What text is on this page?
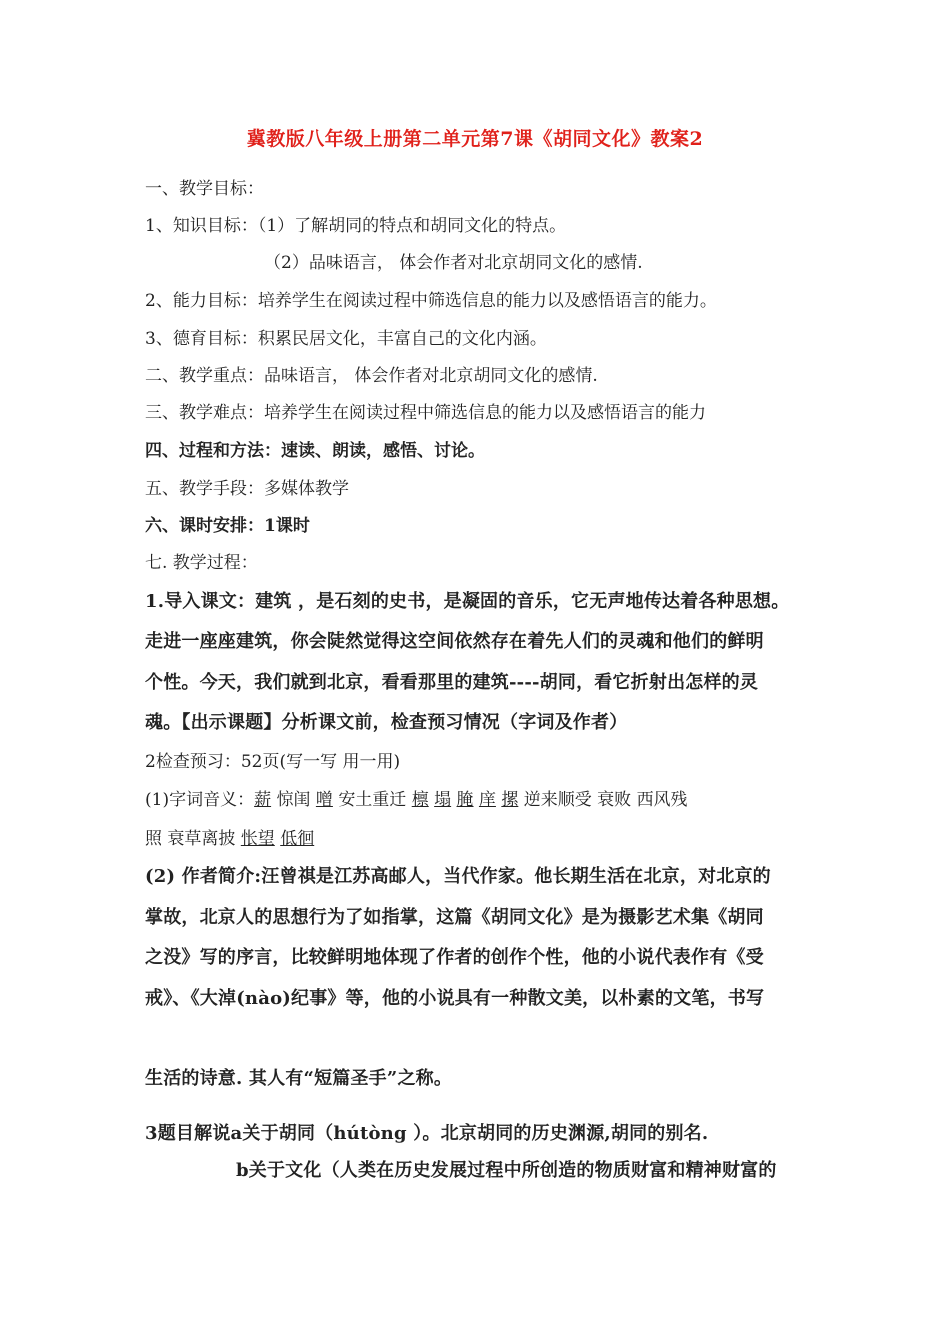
冀教版八年级上册第二单元第7课《胡同文化》教案2
一、教学目标：
1、知识目标：（1）了解胡同的特点和胡同文化的特点。
（2）品味语言， 体会作者对北京胡同文化的感情.
2、能力目标：培养学生在阅读过程中筛选信息的能力以及感悟语言的能力。
3、德育目标：积累民居文化，丰富自己的文化内涵。
二、教学重点：品味语言， 体会作者对北京胡同文化的感情.
三、教学难点：培养学生在阅读过程中筛选信息的能力以及感悟语言的能力
四、过程和方法：速读、朗读，感悟、讨论。
五、教学手段：多媒体教学
六、课时安排：1课时
七. 教学过程：
1.导入课文：建筑 ，是石刻的史书，是凝固的音乐，它无声地传达着各种思想。
走进一座座建筑，你会陡然觉得这空间依然存在着先人们的灵魂和他们的鲜明
个性。今天，我们就到北京，看看那里的建筑----胡同，看它折射出怎样的灵
魂。【出示课题】分析课文前，检查预习情况（字词及作者）
2检查预习：52页(写一写 用一用)
(1)字词音义：薪 惊闺 噌 安土重迁 檩 塌 腌 庠 摞 逆来顺受 衰败 西风残
照 衰草离披 怅望 低徊
(2) 作者简介:汪曾祺是江苏高邮人，当代作家。他长期生活在北京，对北京的
掌故，北京人的思想行为了如指掌，这篇《胡同文化》是为摄影艺术集《胡同
之没》写的序言，比较鲜明地体现了作者的创作个性，他的小说代表作有《受
戒》、《大淖(nào)纪事》等，他的小说具有一种散文美，以朴素的文笔，书写
生活的诗意. 其人有“短篇圣手”之称。
3题目解说a关于胡同（hútòng ）。北京胡同的历史渊源,胡同的别名.
b关于文化（人类在历史发展过程中所创造的物质财富和精神财富的
